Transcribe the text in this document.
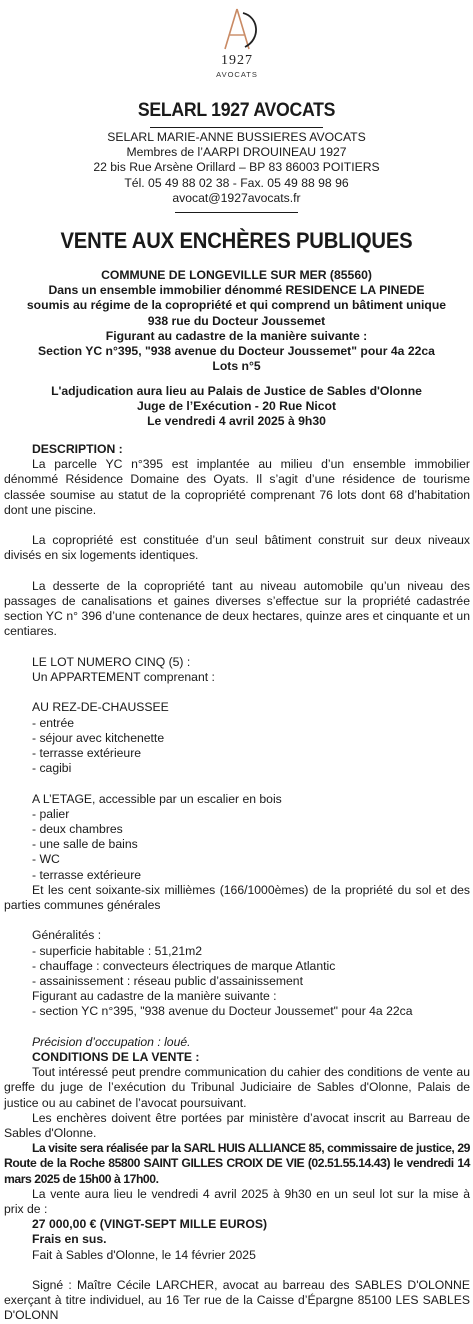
1927
AVOCATS
SELARL 1927 AVOCATS
SELARL MARIE-ANNE BUSSIERES AVOCATS
Membres de l’AARPI DROUINEAU 1927
22 bis Rue Arsène Orillard – BP 83 86003 POITIERS
Tél. 05 49 88 02 38 - Fax. 05 49 88 98 96
avocat@1927avocats.fr
VENTE AUX ENCHÈRES PUBLIQUES
COMMUNE DE LONGEVILLE SUR MER (85560)
Dans un ensemble immobilier dénommé RESIDENCE LA PINEDE
soumis au régime de la copropriété et qui comprend un bâtiment unique
938 rue du Docteur Joussemet
Figurant au cadastre de la manière suivante :
Section YC n°395, "938 avenue du Docteur Joussemet" pour 4a 22ca
Lots n°5
L'adjudication aura lieu au Palais de Justice de Sables d'Olonne
Juge de l’Exécution - 20 Rue Nicot
Le vendredi 4 avril 2025 à 9h30
DESCRIPTION :

La parcelle YC n°395 est implantée au milieu d’un ensemble immobilier dénommé Résidence Domaine des Oyats. Il s’agit d’une résidence de tourisme classée soumise au statut de la copropriété comprenant 76 lots dont 68 d’habitation dont une piscine.

La copropriété est constituée d’un seul bâtiment construit sur deux niveaux divisés en six logements identiques.

La desserte de la copropriété tant au niveau automobile qu’un niveau des passages de canalisations et gaines diverses s’effectue sur la propriété cadastrée section YC n° 396 d’une contenance de deux hectares, quinze ares et cinquante et un centiares.

LE LOT NUMERO CINQ (5) :
Un APPARTEMENT comprenant :
AU REZ-DE-CHAUSSEE
- entrée
- séjour avec kitchenette
- terrasse extérieure
- cagibi
A L’ETAGE, accessible par un escalier en bois
- palier
- deux chambres
- une salle de bains
- WC
- terrasse extérieure

Et les cent soixante-six millièmes (166/1000èmes) de la propriété du sol et des parties communes générales

Généralités :
- superficie habitable : 51,21m2
- chauffage : convecteurs électriques de marque Atlantic
- assainissement : réseau public d’assainissement
Figurant au cadastre de la manière suivante :
- section YC n°395, "938 avenue du Docteur Joussemet" pour 4a 22ca
Précision d’occupation : loué.
CONDITIONS DE LA VENTE :

Tout intéressé peut prendre communication du cahier des conditions de vente au greffe du juge de l’exécution du Tribunal Judiciaire de Sables d'Olonne, Palais de justice ou au cabinet de l’avocat poursuivant.

Les enchères doivent être portées par ministère d’avocat inscrit au Barreau de Sables d'Olonne.

La visite sera réalisée par la SARL HUIS ALLIANCE 85, commissaire de justice, 29 Route de la Roche 85800 SAINT GILLES CROIX DE VIE (02.51.55.14.43) le vendredi 14 mars 2025 de 15h00 à 17h00.

La vente aura lieu le vendredi 4 avril 2025 à 9h30 en un seul lot sur la mise à prix de :

27 000,00 € (VINGT-SEPT MILLE EUROS)
Frais en sus.
Fait à Sables d'Olonne, le 14 février 2025

Signé : Maître Cécile LARCHER, avocat au barreau des SABLES D'OLONNE exerçant à titre individuel, au 16 Ter rue de la Caisse d’Épargne 85100 LES SABLES D'OLONN
